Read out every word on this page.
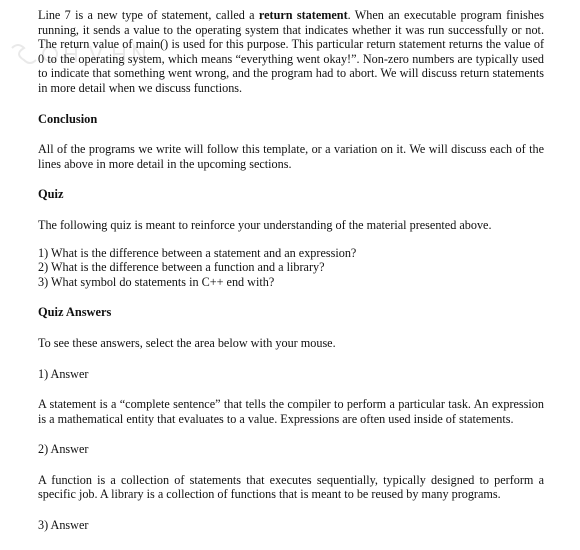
Line 7 is a new type of statement, called a return statement. When an executable program finishes running, it sends a value to the operating system that indicates whether it was run successfully or not. The return value of main() is used for this purpose. This particular return statement returns the value of 0 to the operating system, which means “everything went okay!”. Non-zero numbers are typically used to indicate that something went wrong, and the program had to abort. We will discuss return statements in more detail when we discuss functions.

Conclusion

All of the programs we write will follow this template, or a variation on it. We will discuss each of the lines above in more detail in the upcoming sections.

Quiz

The following quiz is meant to reinforce your understanding of the material presented above.

1) What is the difference between a statement and an expression?
2) What is the difference between a function and a library?
3) What symbol do statements in C++ end with?
Quiz Answers

To see these answers, select the area below with your mouse.

1) Answer

A statement is a “complete sentence” that tells the compiler to perform a particular task. An expression is a mathematical entity that evaluates to a value. Expressions are often used inside of statements.

2) Answer

A function is a collection of statements that executes sequentially, typically designed to perform a specific job. A library is a collection of functions that is meant to be reused by many programs.

3) Answer
